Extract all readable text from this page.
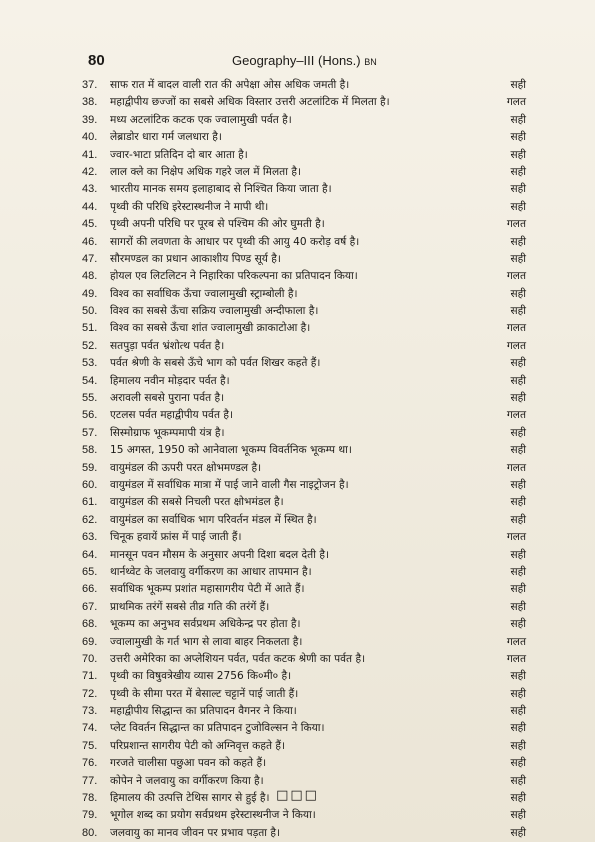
80	Geography–III (Hons.) BN
37.	साफ रात में बादल वाली रात की अपेक्षा ओस अधिक जमती है।	सही
38.	महाद्वीपीय छज्जों का सबसे अधिक विस्तार उत्तरी अटलांटिक में मिलता है।	गलत
39.	मध्य अटलांटिक कटक एक ज्वालामुखी पर्वत है।	सही
40.	लेब्राडोर धारा गर्म जलधारा है।	सही
41.	ज्वार-भाटा प्रतिदिन दो बार आता है।	सही
42.	लाल क्ले का निक्षेप अधिक गहरे जल में मिलता है।	सही
43.	भारतीय मानक समय इलाहाबाद से निश्चित किया जाता है।	सही
44.	पृथ्वी की परिधि इरेस्टास्थनीज ने मापी थी।	सही
45.	पृथ्वी अपनी परिधि पर पूरब से पश्चिम की ओर घुमती है।	गलत
46.	सागरों की लवणता के आधार पर पृथ्वी की आयु 40 करोड़ वर्ष है।	सही
47.	सौरमण्डल का प्रधान आकाशीय पिण्ड सूर्य है।	सही
48.	होयल एव लिटलिटन ने निहारिका परिकल्पना का प्रतिपादन किया।	गलत
49.	विश्व का सर्वाधिक ऊँचा ज्वालामुखी स्ट्राम्बोली है।	सही
50.	विश्व का सबसे ऊँचा सक्रिय ज्वालामुखी अन्दीफाला है।	सही
51.	विश्व का सबसे ऊँचा शांत ज्वालामुखी क्राकाटोआ है।	गलत
52.	सतपुड़ा पर्वत भ्रंशोत्थ पर्वत है।	गलत
53.	पर्वत श्रेणी के सबसे ऊँचे भाग को पर्वत शिखर कहते हैं।	सही
54.	हिमालय नवीन मोड़दार पर्वत है।	सही
55.	अरावली सबसे पुराना पर्वत है।	सही
56.	एटलस पर्वत महाद्वीपीय पर्वत है।	गलत
57.	सिस्मोग्राफ भूकम्पमापी यंत्र है।	सही
58.	15 अगस्त, 1950 को आनेवाला भूकम्प विवर्तनिक भूकम्प था।	सही
59.	वायुमंडल की ऊपरी परत क्षोभमण्डल है।	गलत
60.	वायुमंडल में सर्वाधिक मात्रा में पाई जाने वाली गैस नाइट्रोजन है।	सही
61.	वायुमंडल की सबसे निचली परत क्षोभमंडल है।	सही
62.	वायुमंडल का सर्वाधिक भाग परिवर्तन मंडल में स्थित है।	सही
63.	चिनूक हवायें फ्रांस में पाई जाती हैं।	गलत
64.	मानसून पवन मौसम के अनुसार अपनी दिशा बदल देती है।	सही
65.	थार्नथ्वेट के जलवायु वर्गीकरण का आधार तापमान है।	सही
66.	सर्वाधिक भूकम्प प्रशांत महासागरीय पेटी में आते हैं।	सही
67.	प्राथमिक तरंगें सबसे तीव्र गति की तरंगें हैं।	सही
68.	भूकम्प का अनुभव सर्वप्रथम अधिकेन्द्र पर होता है।	सही
69.	ज्वालामुखी के गर्त भाग से लावा बाहर निकलता है।	गलत
70.	उत्तरी अमेरिका का अप्लेशियन पर्वत, पर्वत कटक श्रेणी का पर्वत है।	गलत
71.	पृथ्वी का विषुवत्रेखीय व्यास 2756 कि०मी० है।	सही
72.	पृथ्वी के सीमा परत में बेसाल्ट चट्टानें पाई जाती हैं।	सही
73.	महाद्वीपीय सिद्धान्त का प्रतिपादन वैगनर ने किया।	सही
74.	प्लेट विवर्तन सिद्धान्त का प्रतिपादन टुजोविल्सन ने किया।	सही
75.	परिप्रशान्त सागरीय पेटी को अग्निवृत्त कहते हैं।	सही
76.	गरजते चालीसा पछुआ पवन को कहते हैं।	सही
77.	कोपेन ने जलवायु का वर्गीकरण किया है।	सही
78.	हिमालय की उत्पत्ति टेथिस सागर से हुई है।	सही
79.	भूगोल शब्द का प्रयोग सर्वप्रथम इरेस्टास्थनीज ने किया।	सही
80.	जलवायु का मानव जीवन पर प्रभाव पड़ता है।	सही
□□□
